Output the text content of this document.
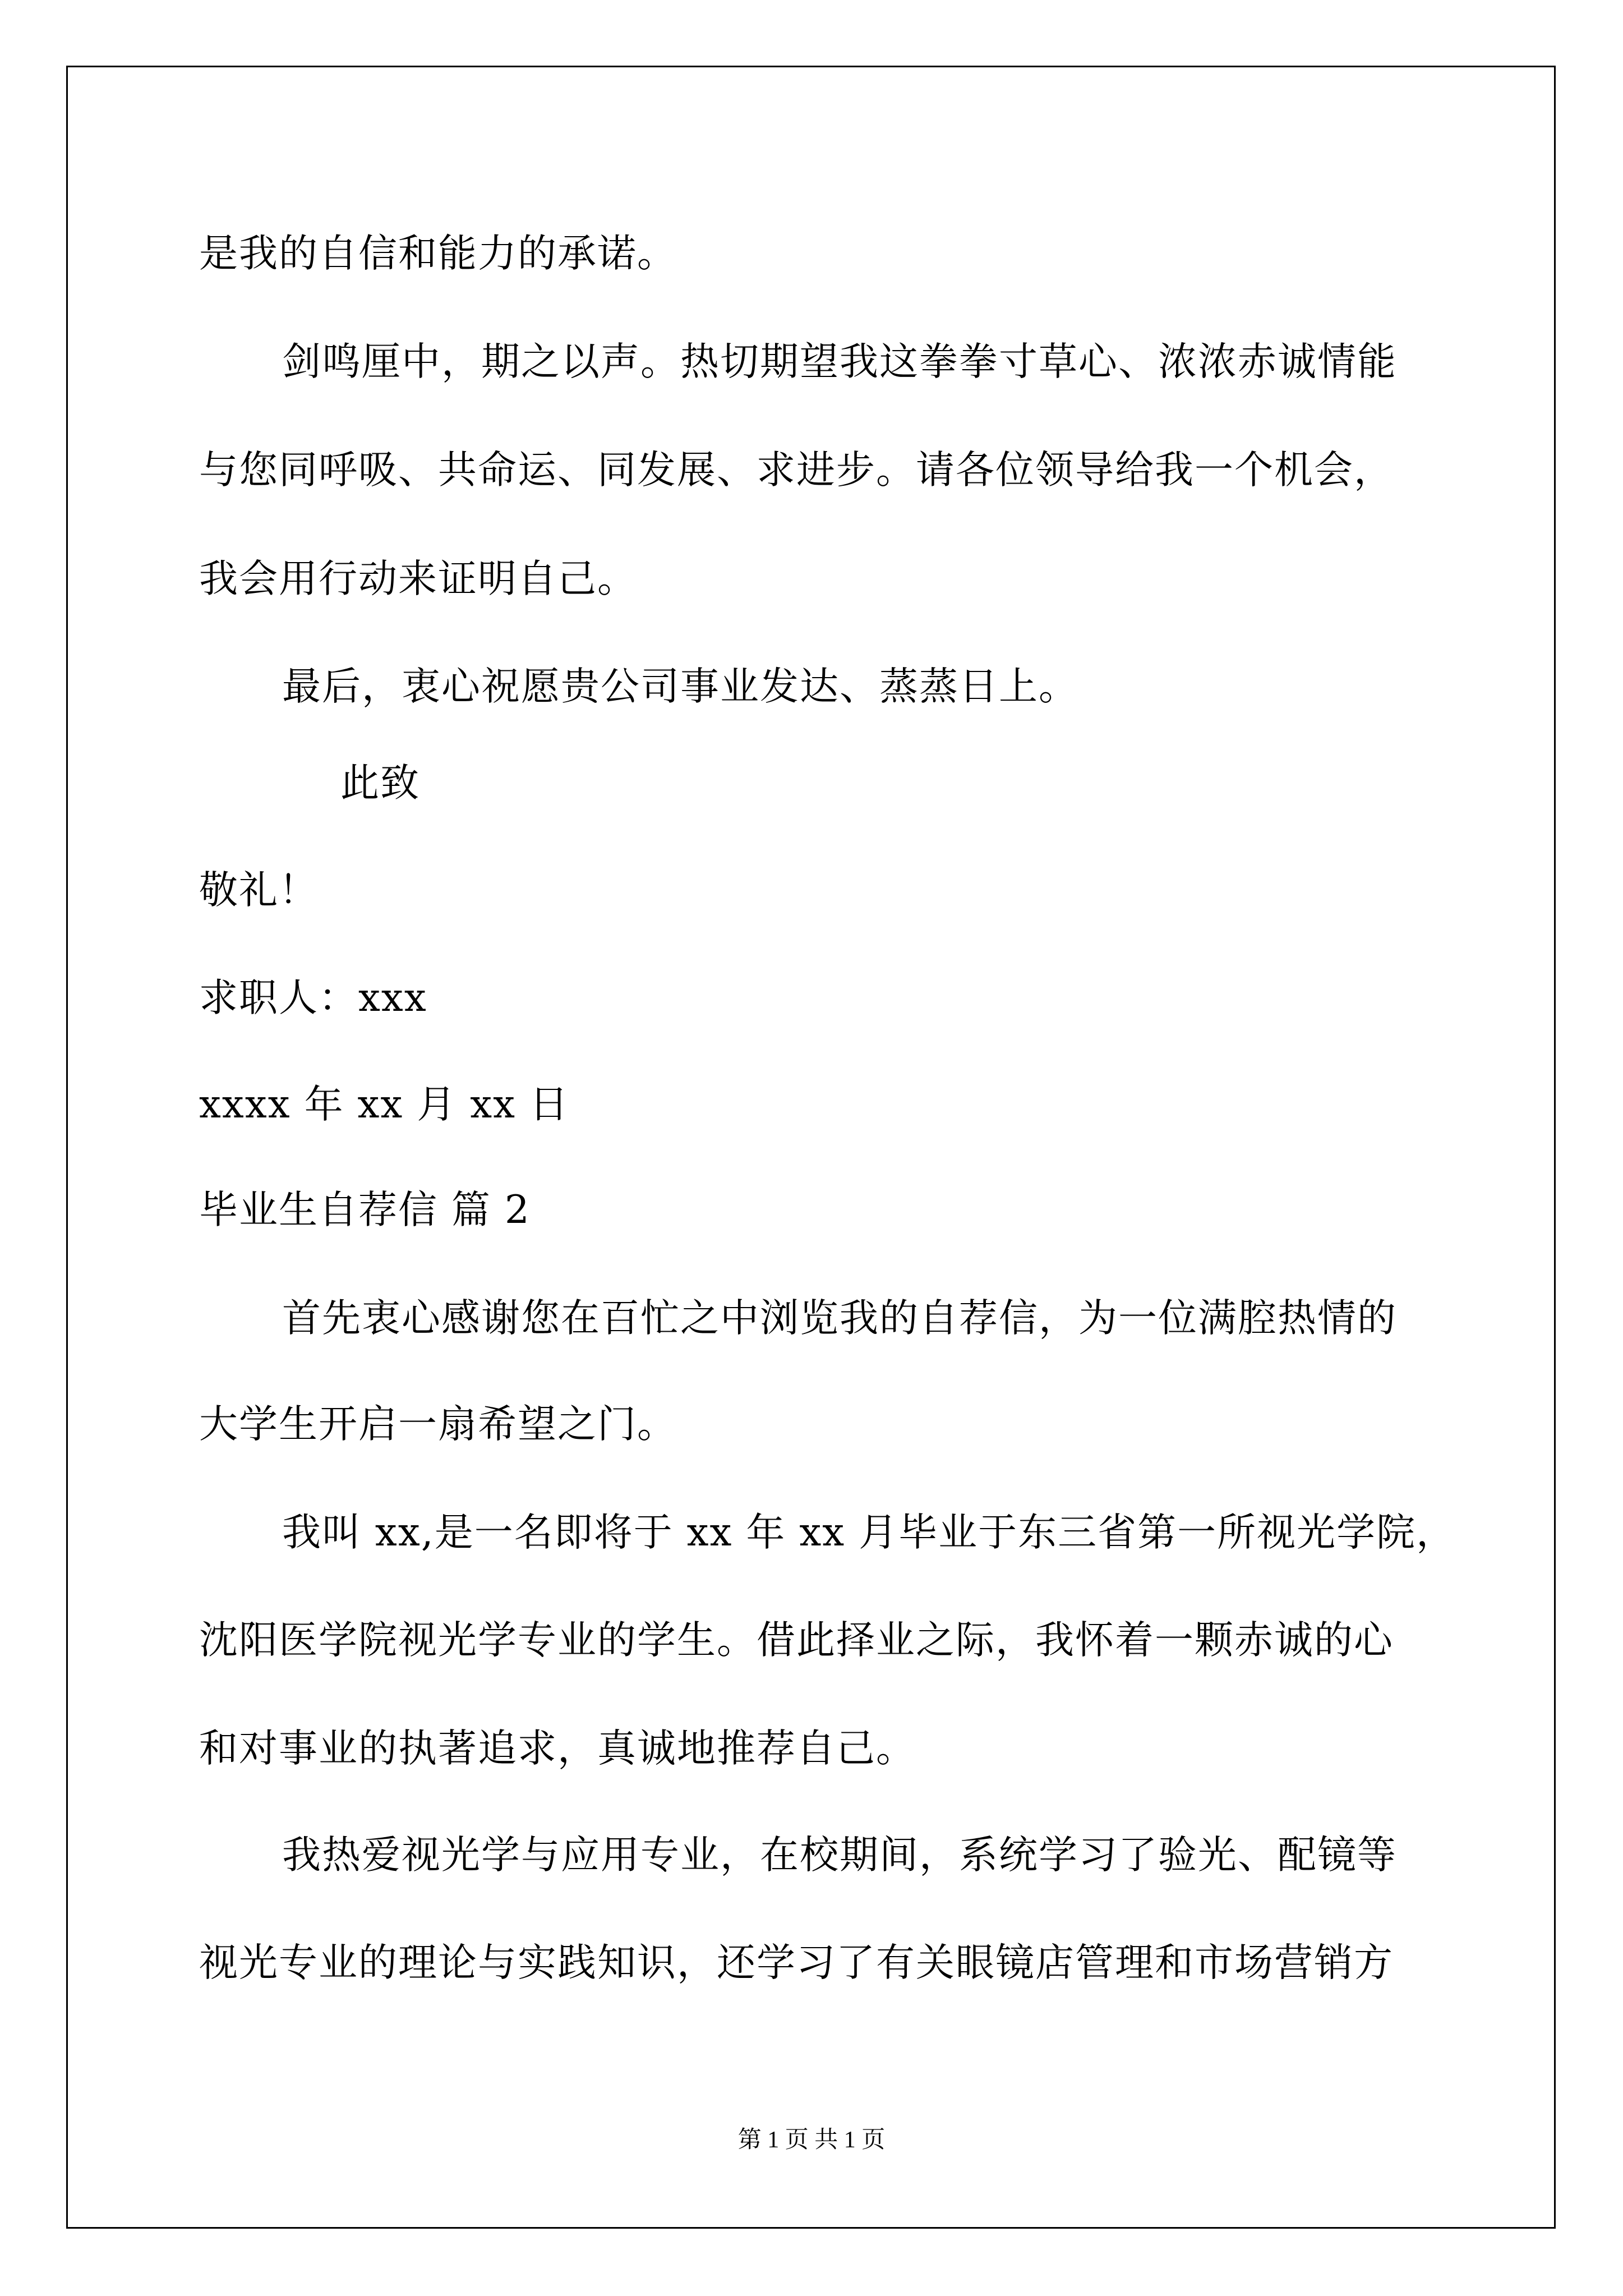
是我的自信和能力的承诺。
剑鸣厘中，期之以声。热切期望我这拳拳寸草心、浓浓赤诚情能
与您同呼吸、共命运、同发展、求进步。请各位领导给我一个机会，
我会用行动来证明自己。
最后，衷心祝愿贵公司事业发达、蒸蒸日上。
此致
敬礼！
求职人：xxx
xxxx 年 xx 月 xx 日
毕业生自荐信 篇 2
首先衷心感谢您在百忙之中浏览我的自荐信，为一位满腔热情的
大学生开启一扇希望之门。
我叫 xx,是一名即将于 xx 年 xx 月毕业于东三省第一所视光学院，
沈阳医学院视光学专业的学生。借此择业之际，我怀着一颗赤诚的心
和对事业的执著追求，真诚地推荐自己。
我热爱视光学与应用专业，在校期间，系统学习了验光、配镜等
视光专业的理论与实践知识，还学习了有关眼镜店管理和市场营销方
第 1 页 共 1 页
